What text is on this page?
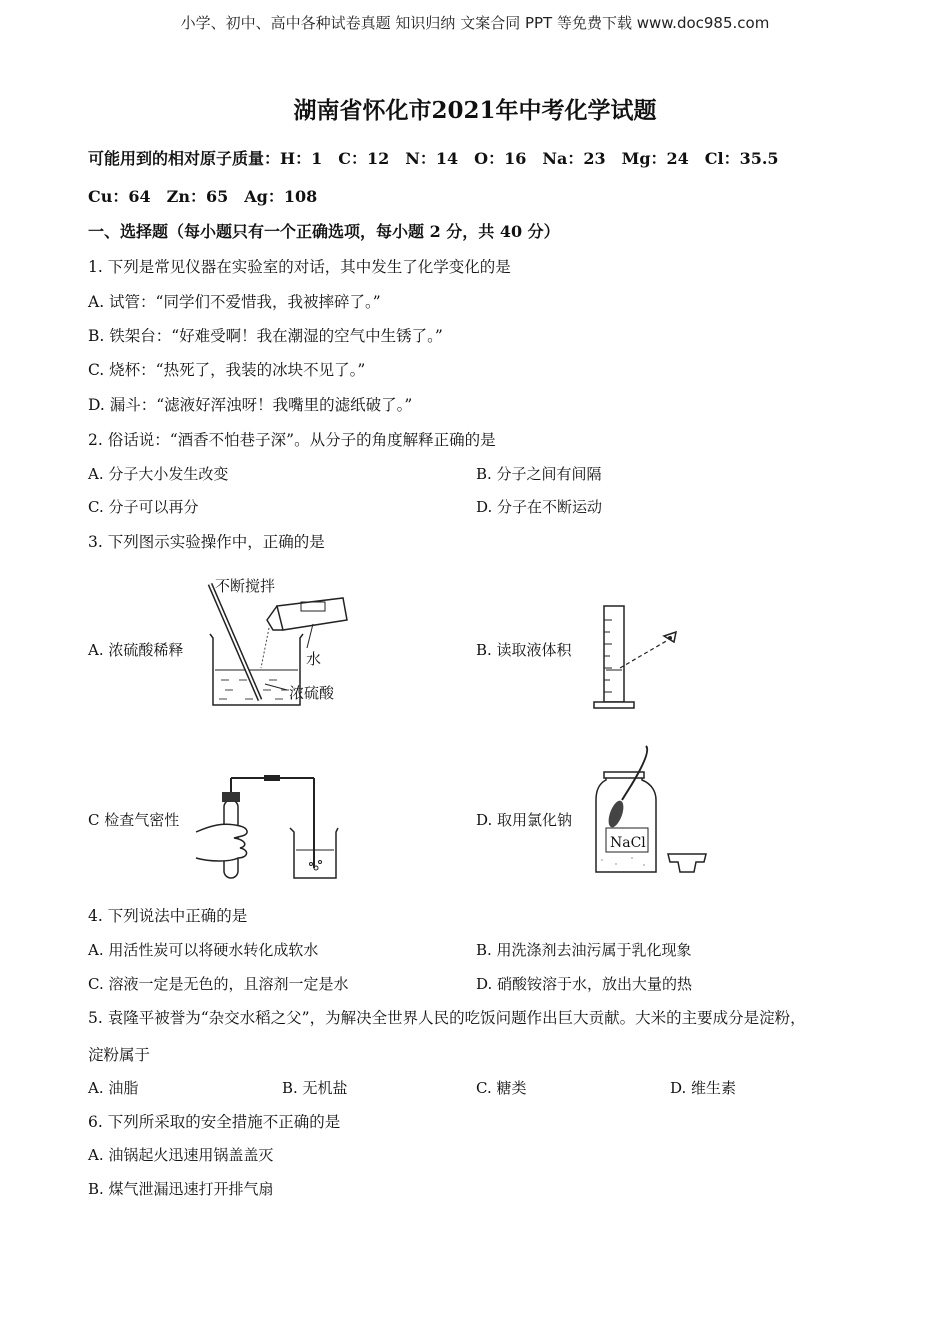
小学、初中、高中各种试卷真题 知识归纳 文案合同 PPT 等免费下载 www.doc985.com
湖南省怀化市2021年中考化学试题
可能用到的相对原子质量：H：1　C：12　N：14　O：16　Na：23　Mg：24　Cl：35.5
Cu：64　Zn：65　Ag：108
一、选择题（每小题只有一个正确选项，每小题 2 分，共 40 分）
1. 下列是常见仪器在实验室的对话，其中发生了化学变化的是
A. 试管：“同学们不爱惜我，我被摔碎了。”
B. 铁架台：“好难受啊！我在潮湿的空气中生锈了。”
C. 烧杯：“热死了，我装的冰块不见了。”
D. 漏斗：“滤液好浑浊呀！我嘴里的滤纸破了。”
2. 俗话说：“酒香不怕巷子深”。从分子的角度解释正确的是
A. 分子大小发生改变	B. 分子之间有间隔
C. 分子可以再分	D. 分子在不断运动
3. 下列图示实验操作中，正确的是
A. 浓硫酸稀释
不断搅拌
水
浓硫酸
B. 读取液体积
C 检查气密性	D. 取用氯化钠
NaCl
4. 下列说法中正确的是
A. 用活性炭可以将硬水转化成软水	B. 用洗涤剂去油污属于乳化现象
C. 溶液一定是无色的，且溶剂一定是水	D. 硝酸铵溶于水，放出大量的热
5. 袁隆平被誉为“杂交水稻之父”，为解决全世界人民的吃饭问题作出巨大贡献。大米的主要成分是淀粉，
淀粉属于
A. 油脂	B. 无机盐	C. 糖类	D. 维生素
6. 下列所采取的安全措施不正确的是
A. 油锅起火迅速用锅盖盖灭
B. 煤气泄漏迅速打开排气扇
